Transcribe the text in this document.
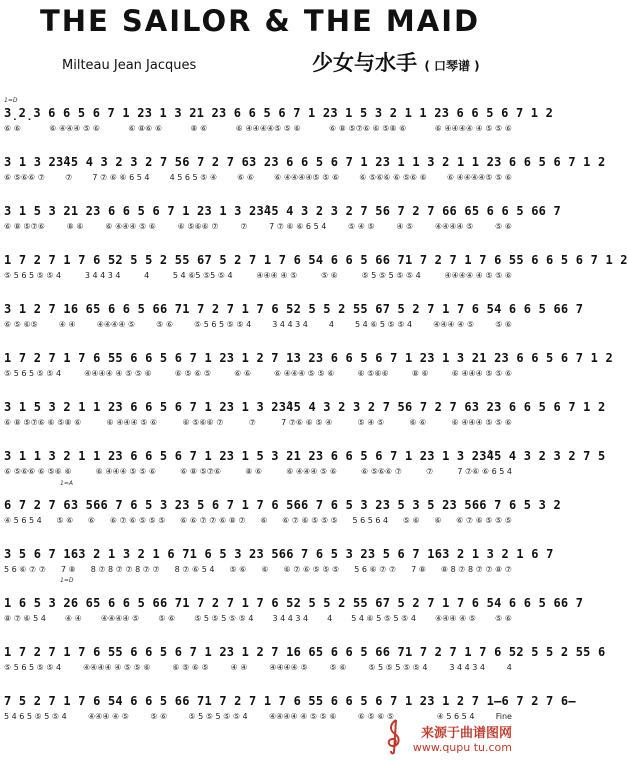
THE SAILOR & THE MAID
Milteau Jean Jacques	少女与水手 ( 口琴谱 )
1=D
1=A
1=D
3̣2̣ 3 6 6 5 6 7 1 2 3 1 3 2 1 2 3 6 6 5 6 7 1 2 3 1 5 3 2 1 1 2 3 6 6 5 6 7 1 2
⑥ ⑥	⑥ ④④④ ⑤ ⑥	⑥ ⑧⑥ ⑥	⑧ ⑥	⑥ ④④④④⑤ ⑤ ⑥	⑥ ⑧ ⑤⑦⑥ ⑥ ⑤⑧ ⑥	⑥ ④④④④ ④ ⑤ ⑤ ⑥
3 1 3 2 3̂4 5 4 3 2 3 2 7 5 6 7 2 7 6 3 2 3 6 6 5 6 7 1 2 3 1 1 3 2 1 1 2 3 6 6 5 6 7 1 2
⑥ ⑤⑥⑥ ⑦	⑦	7 ⑦ ⑥ ⑥ 6 5 4	4 5 6 5 ⑤ ④	⑥ ⑥	⑥ ④④④④⑤ ⑤ ⑥	⑥ ⑤⑥⑥ ⑥ ⑤⑥ ⑥	⑥ ④④④④⑤ ⑤ ⑥
3 1 5 3 2 1 2 3 6 6 5 6 7 1 2 3 1 3 2 3̂4 5 4 3 2 3 2 7 5 6 7 2 7 6 6 6 5 6 6 5 6 6 7
⑥ ⑧ ⑤⑦⑥	⑧ ⑥	⑥ ④④④ ⑤ ⑥	⑥ ⑤⑥⑥ ⑦	⑦	7 ⑦ ⑥ ⑥ 6 5 4	⑤ ④ ⑤	④ ⑤	④④④④ ⑤	⑤ ⑥
1 7 2 7 1 7 6 5 2 5 5 2 5 5 6 7 5 2 7 1 7 6 5 4 6 6 5 6 6 7 1 7 2 7 1 7 6 5 5 6 6 5 6 7 1 2
⑤ 5 6 5 ⑤ ⑤ 4	3 4 4 3 4	4	5 4 ⑥5 ⑤5 ⑤ 4	④④④ ④ ⑤	⑤ ⑥	⑤ 5 ⑤ 5 ⑤ ⑤ 4	④④④④ ④ ⑤ ⑤ ⑥
3 1 2 7 1 6 6 5 6 6 5 6 6 7 1 7 2 7 1 7 6 5 2 5 5 2 5 5 6 7 5 2 7 1 7 6 5 4 6 6 5 6 6 7
⑥ ⑤ ⑥⑤	④ ④	④④④④ ⑤	⑤ ⑥	⑤ 5 6 5 ⑤ ⑤ 4	3 4 4 3 4	4	5 4 ⑥ 5 ⑤ ⑤ 4	④④④ ④ ⑤	⑤ ⑥
1 7 2 7 1 7 6 5 5 6 6 5 6 7 1 2 3 1 2 7 1 3 2 3 6 6 5 6 7 1 2 3 1 3 2 1 2 3 6 6 5 6 7 1 2
⑤ 5 6 5 ⑤ ⑤ 4	④④④④ ④ ⑤ ⑤ ⑥	⑥ ⑤ ⑥ ⑤	⑥ ⑥	⑥ ④④④ ⑤ ⑤ ⑥	⑥ ⑤⑥⑥	⑧ ⑥	⑥ ④④④ ⑤ ⑤ ⑥
3 1 5 3 2 1 1 2 3 6 6 5 6 7 1 2 3 1 3 2 3̂4 5 4 3 2 3 2 7 5 6 7 2 7 6 3 2 3 6 6 5 6 7 1 2
⑥ ⑧ ⑤⑦⑥ ⑥ ⑤⑧ ⑥	⑥ ④④④ ⑤ ⑥	⑥ ⑤⑥⑥ ⑦	⑦	7 ⑦⑥ ⑥ ⑤ ④	⑤ ④ ⑤	⑥ ⑥	⑥ ④④④ ⑤ ⑤ ⑥
3 1 1 3 2 1 1 2 3 6 6 5 6 7 1 2 3 1 5 3 2 1 2 3 6 6 5 6 7 1 2 3 1 3 2 3̂4 5 4 3 2 3 2 7 5
⑥ ⑤⑥⑥ ⑥ ⑤⑥ ⑥	⑥ ④④④ ⑤ ⑤ ⑥	⑥ ⑧ ⑤⑦⑥	⑧ ⑥	⑥ ④④④ ⑤ ⑥	⑥ ⑤⑥⑥ ⑦	⑦	7 ⑦⑥ ⑥ 6 5 4
6 7 2 7 6 3 5 6 6 7 6 5 3 2 3 5 6 7 1 7 6 5 6 6 7 6 5 3 2 3 5 3 5 2 3 5 6 6 7 6 5 3 2
④ 5 6 5 4 ⑤ ⑥ ⑥ ⑥ ⑦ ⑥ ⑤ ⑤ ⑤ ⑥ ⑥ ⑦ ⑦ ⑥ ⑧ ⑦ ⑥ ⑥ ⑦ ⑥ ⑤ ⑤ ⑤ 5 6 5 6 4 ⑤ ⑥ ⑥ ⑥ ⑦ ⑥ ⑤ ⑤ ⑤
3 5 6 7 1 6 3 2 1 3 2 1 6 7 1 6 5 3 2 3 5 6 6 7 6 5 3 2 3 5 6 7 1 6 3 2 1 3 2 1 6 7
5 6 ⑥ ⑦ ⑦ 7 ⑧ 8 ⑦ 8 ⑦ ⑦ 8 ⑦ ⑦ 8 ⑦ ⑥ 5 4 ⑤ ⑥ ⑥ ⑥ ⑦ ⑥ ⑤ ⑤ ⑤ 5 6 ⑥ ⑦ ⑦ 7 ⑧ ⑧ 8 ⑦ 8 ⑦ ⑦ ⑧ ⑦
1 6 5 3 2 6 6 5 6 6 5 6 6 7 1 7 2 7 1 7 6 5 2 5 5 2 5 5 6 7 5 2 7 1 7 6 5 4 6 6 5 6 6 7
⑧ ⑦ ⑥ 5 4 ④ ④ ④④④④ ⑤ ⑤ ⑥ ⑤ 5 ⑤ 5 ⑤ ⑤ 4 3 4 4 3 4 4 5 4 ⑥ 5 ⑤ 5 ⑤ 4 ④④④ ④ ⑤ ⑤ ⑥
1 7 2 7 1 7 6 5 5 6 6 5 6 7 1 2 3 1 2 7 1 6 6 5 6 6 5 6 6 7 1 7 2 7 1 7 6 5 2 5 5 2 5 5 6
⑤ 5 6 5 ⑤ ⑤ 4	④④④④ ④ ⑤ ⑤ ⑥	⑥ ⑤ ⑥ ⑤	④ ④	④④④④ ⑤	⑤ ⑥	⑤ 5 ⑤ 5 ⑤ ⑤ 4	3 4 4 3 4	4
7 5 2 7 1 7 6 5 4 6 6 5 6 6 7 1 7 2 7 1 7 6 5 5 6 6 5 6 7 1 2 3 1 2 7 1 – 6 7 2 7 6 –
5 4 6 5 ⑤ 5 ⑤ 4	④④④ ④ ⑤	⑤ ⑥	⑤ 5 ⑤ 5 ⑤ ⑤ 4	④④④④ ④ ⑤ ⑤ ⑥	⑥ ⑤ ⑥ ⑤	④ 5 6 5 4	Fine
来源于曲谱图网
www.qupu tu.com
